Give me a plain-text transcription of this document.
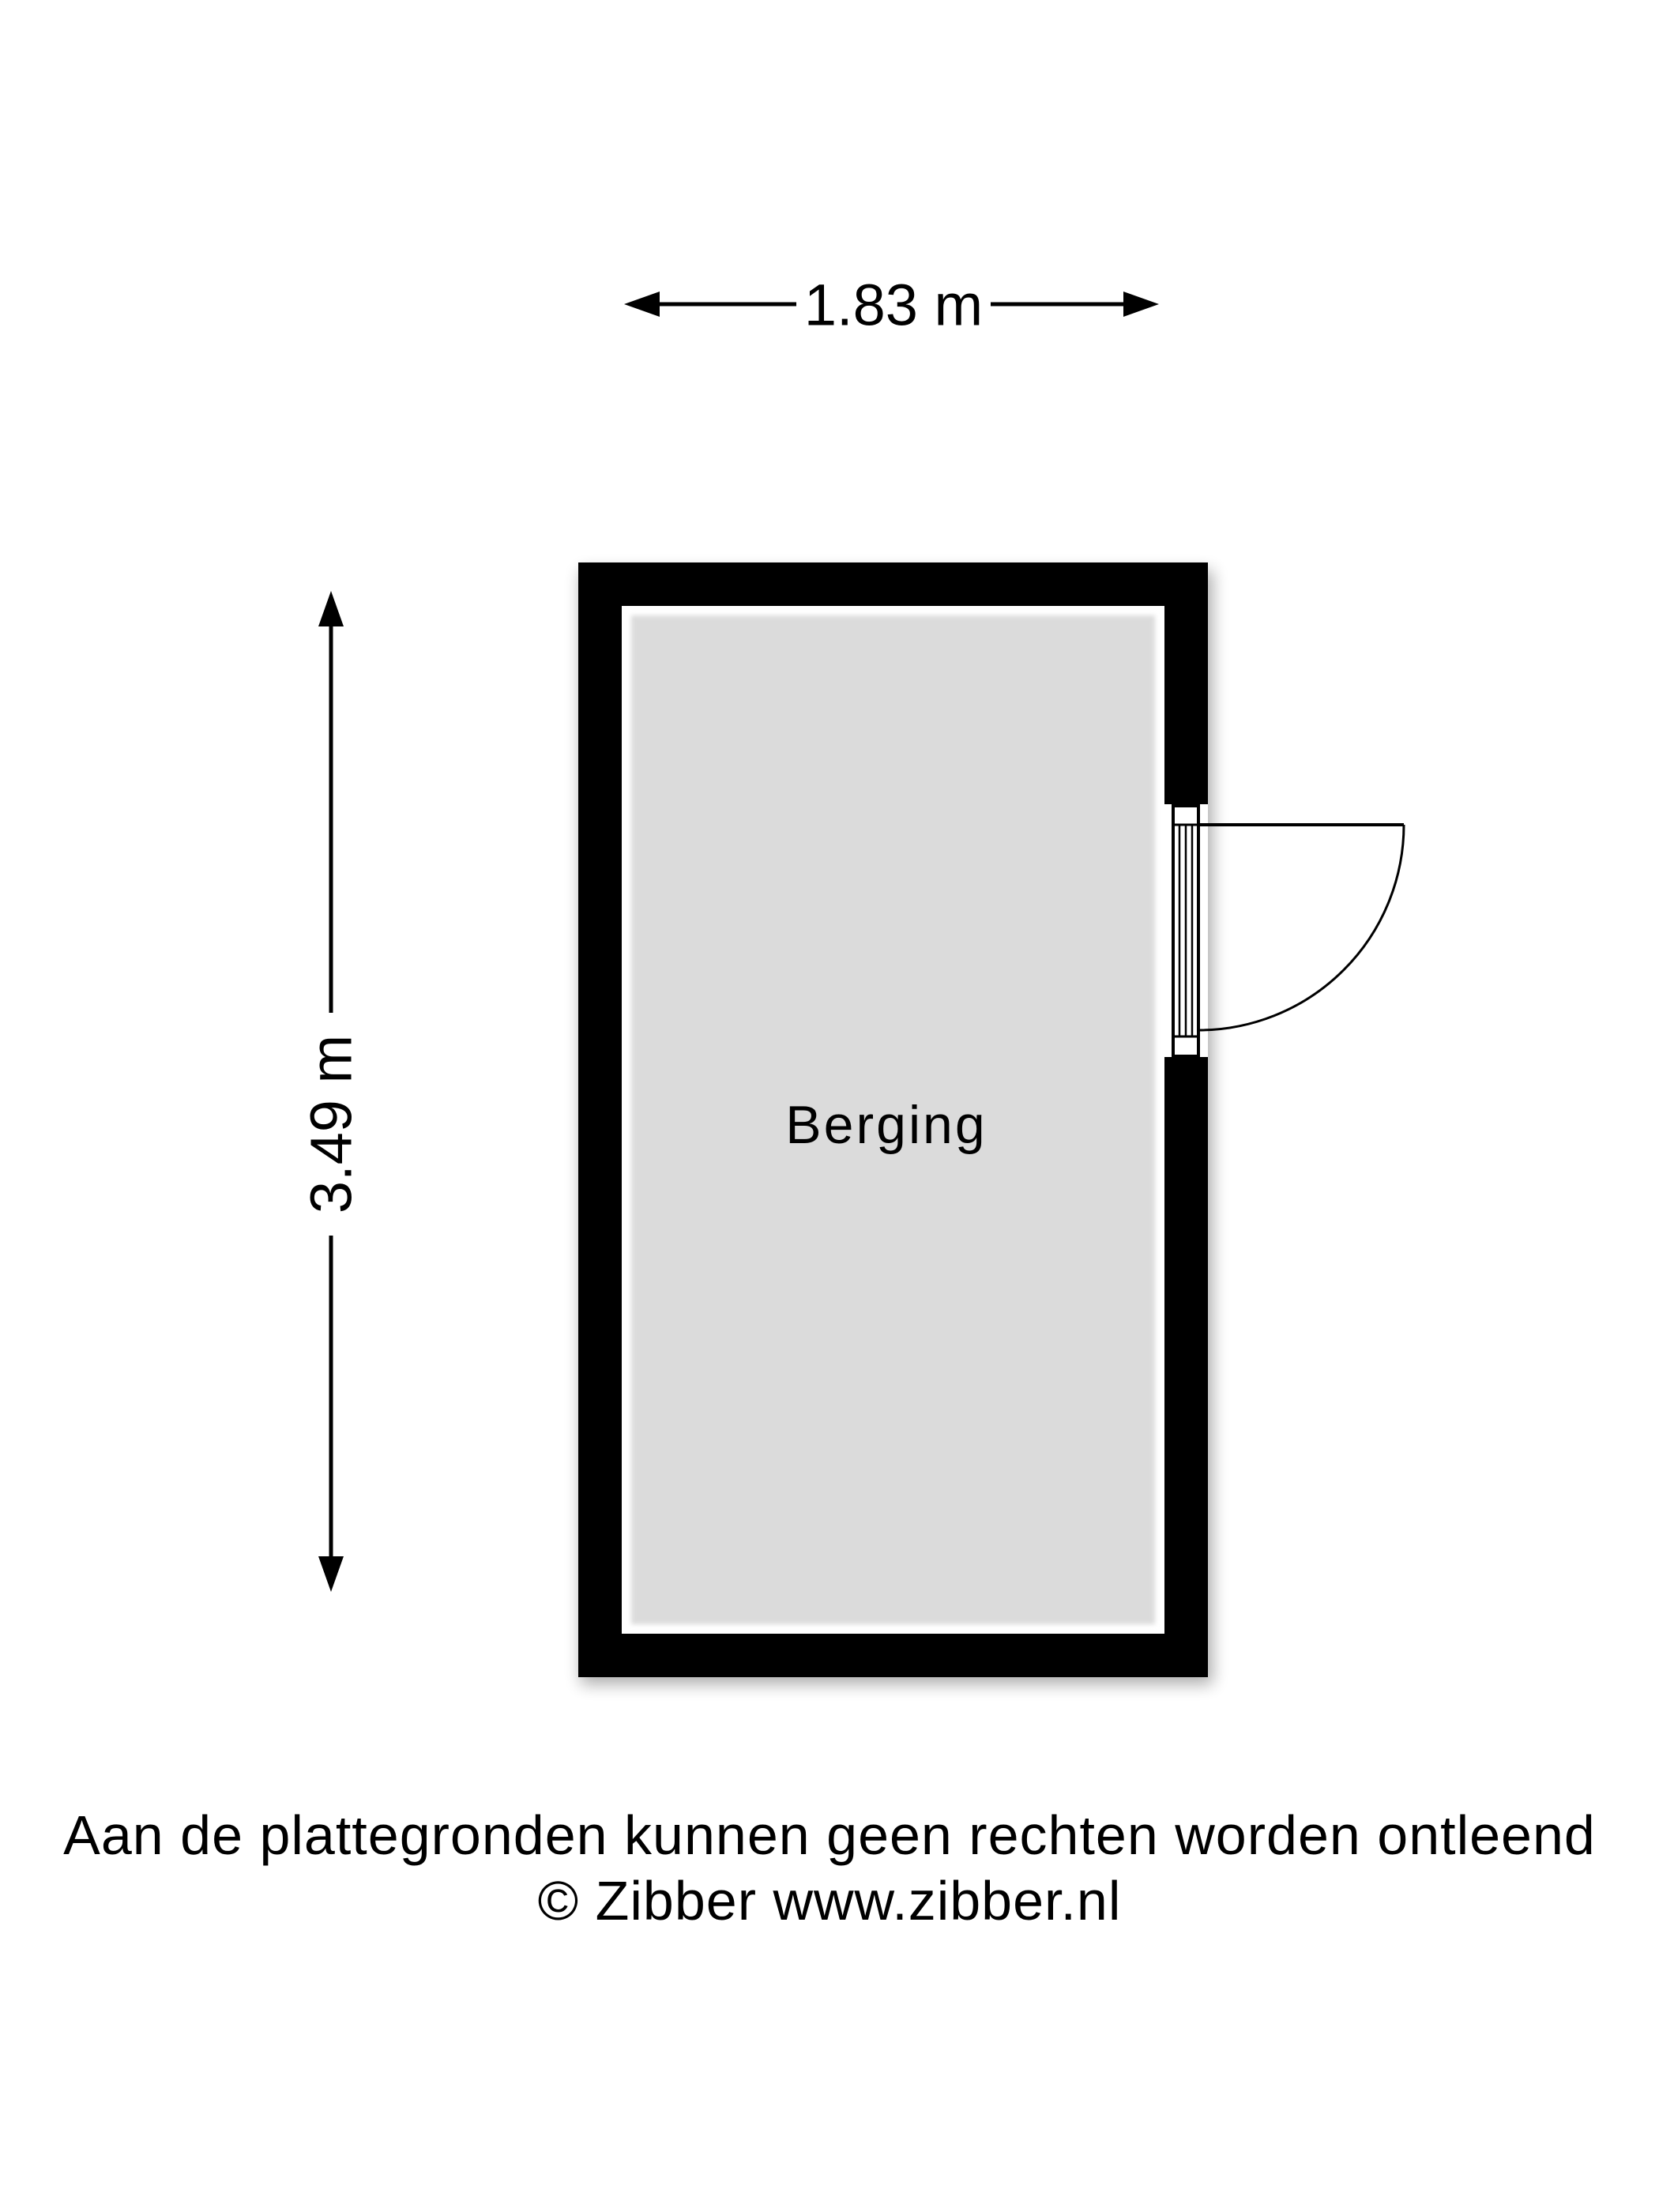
1.83 m
3.49 m	Berging
Aan de plattegronden kunnen geen rechten worden ontleend
© Zibber www.zibber.nl
